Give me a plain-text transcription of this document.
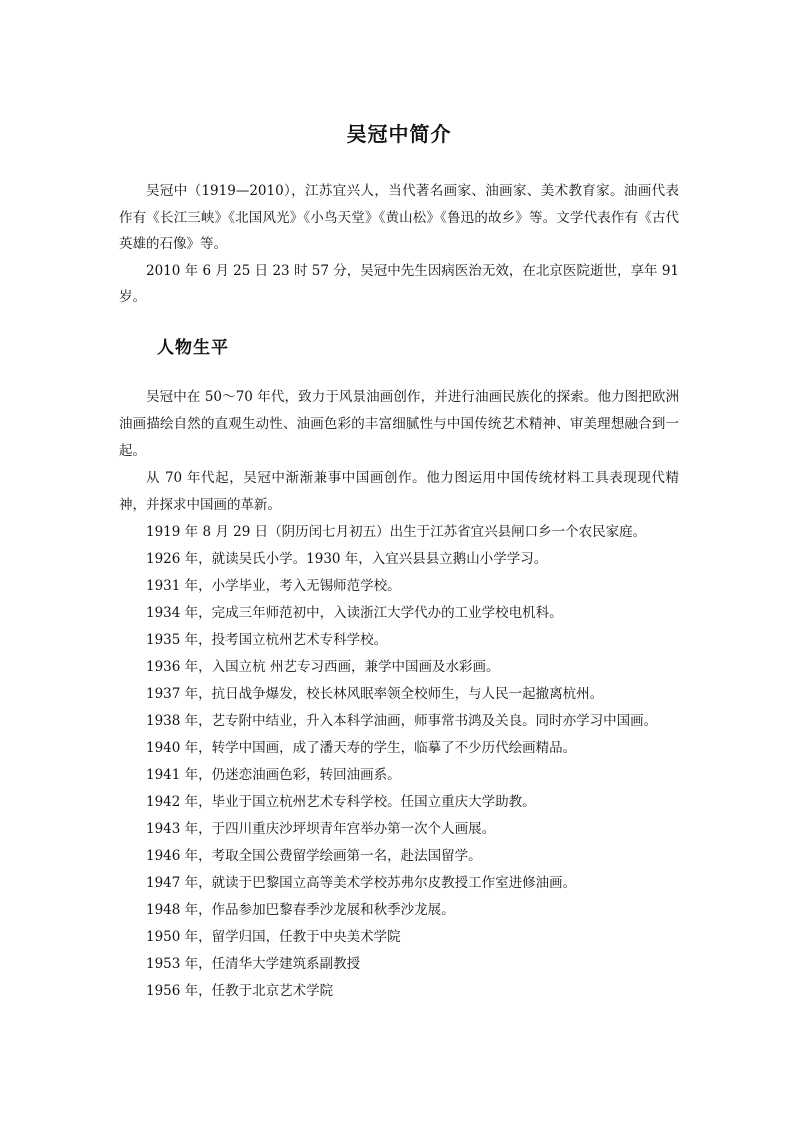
吴冠中简介

吴冠中（1919—2010），江苏宜兴人，当代著名画家、油画家、美术教育家。油画代表作有《长江三峡》《北国风光》《小鸟天堂》《黄山松》《鲁迅的故乡》等。文学代表作有《古代英雄的石像》等。

2010 年 6 月 25 日 23 时 57 分，吴冠中先生因病医治无效，在北京医院逝世，享年 91 岁。

人物生平

吴冠中在 50～70 年代，致力于风景油画创作，并进行油画民族化的探索。他力图把欧洲油画描绘自然的直观生动性、油画色彩的丰富细腻性与中国传统艺术精神、审美理想融合到一起。

从 70 年代起，吴冠中渐渐兼事中国画创作。他力图运用中国传统材料工具表现现代精神，并探求中国画的革新。

1919 年 8 月 29 日（阴历闰七月初五）出生于江苏省宜兴县闸口乡一个农民家庭。
1926 年，就读吴氏小学。1930 年，入宜兴县县立鹅山小学学习。
1931 年，小学毕业，考入无锡师范学校。
1934 年，完成三年师范初中，入读浙江大学代办的工业学校电机科。
1935 年，投考国立杭州艺术专科学校。
1936 年，入国立杭 州艺专习西画，兼学中国画及水彩画。
1937 年，抗日战争爆发，校长林风眠率领全校师生，与人民一起撤离杭州。
1938 年，艺专附中结业，升入本科学油画，师事常书鸿及关良。同时亦学习中国画。
1940 年，转学中国画，成了潘天寿的学生，临摹了不少历代绘画精品。
1941 年，仍迷恋油画色彩，转回油画系。
1942 年，毕业于国立杭州艺术专科学校。任国立重庆大学助教。
1943 年，于四川重庆沙坪坝青年宫举办第一次个人画展。
1946 年，考取全国公费留学绘画第一名，赴法国留学。
1947 年，就读于巴黎国立高等美术学校苏弗尔皮教授工作室进修油画。
1948 年，作品参加巴黎春季沙龙展和秋季沙龙展。
1950 年，留学归国，任教于中央美术学院
1953 年，任清华大学建筑系副教授
1956 年，任教于北京艺术学院
